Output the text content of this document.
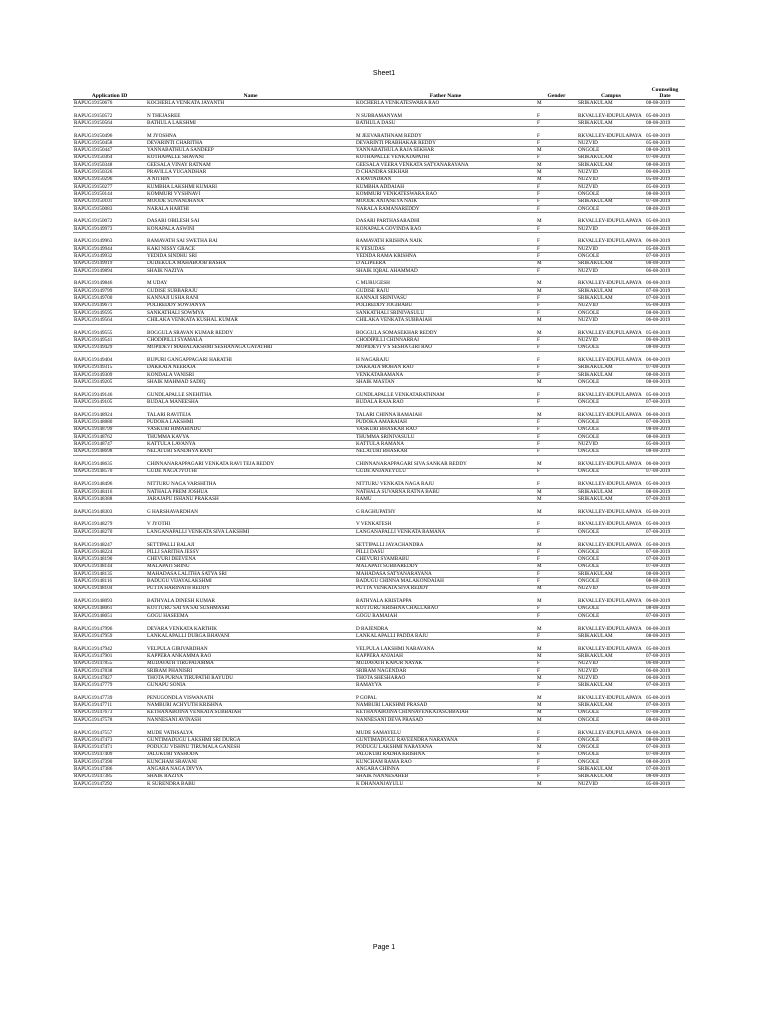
Sheet1
Application ID	Name	Father Name	Gender	Campus	Counseling Date
RAPUG19150676	KOCHERLA VENKATA JAYANTH	KOCHERLA VENKATESWARA RAO	M	SRIKAKULAM	08-08-2019
RAPUG19150572	N THEJASREE	N SUBRAMANYAM	F	RKVALLEY-IDUPULAPAYA	05-08-2019
RAPUG19150564	BATHULA LAKSHMI	BATHULA DASU	F	SRIKAKULAM	08-08-2019
RAPUG19150496	M JYOSHNA	M JEEVARATHNAM REDDY	F	RKVALLEY-IDUPULAPAYA	05-08-2019
RAPUG19150458	DEVARINTI CHARITHA	DEVARINTI PRABHAKAR REDDY	F	NUZVID	05-08-2019
RAPUG19150447	YANNABATHULA SANDEEP	YANNABATHULA RAJA SEKHAR	M	ONGOLE	08-08-2019
RAPUG19150364	KOTHAPALLE SRAVANI	KOTHAPALLE VENKATAPATHI	F	SRIKAKULAM	07-08-2019
RAPUG19150348	GEESALA VINAY RATNAM	GEESALA VEERA VENKATA SATYANARAYANA	M	SRIKAKULAM	08-08-2019
RAPUG19150326	PRAVILLA YUGANDHAR	D CHANDRA SEKHAR	M	NUZVID	06-08-2019
RAPUG19150296	A NITHIN	A RAVINDRAN	M	NUZVID	05-08-2019
RAPUG19150277	KUMBHA LAKSHMI KUMARI	KUMBHA ADDAIAH	F	NUZVID	05-08-2019
RAPUG19150144	KOMMURI VYSHNAVI	KOMMURI VENKATESWARA RAO	F	ONGOLE	08-08-2019
RAPUG19150101	MOODE SUNANDHANA	MOODE ANJANEYA NAIK	F	SRIKAKULAM	07-08-2019
RAPUG19150083	NARALA HARTHI	NARALA RAMANAREDDY	F	ONGOLE	08-08-2019
RAPUG19150072	DASARI OBILESH SAI	DASARI PARTHASARADHI	M	RKVALLEY-IDUPULAPAYA	05-08-2019
RAPUG19149973	KONAPALA ASWINI	KONAPALA GOVINDA RAO	F	NUZVID	06-08-2019
RAPUG19149963	RAMAVATH SAI SWETHA BAI	RAMAVATH KRISHNA NAIK	F	RKVALLEY-IDUPULAPAYA	06-08-2019
RAPUG19149944	KAKI NISSY GRACE	K YESUDAS	F	NUZVID	05-08-2019
RAPUG19149932	YEDIDA SINDHU SRI	YEDIDA RAMA KRISHNA	F	ONGOLE	07-08-2019
RAPUG19149919	DUDEKULA MAHABOOB BASHA	D ALIPEERA	M	SRIKAKULAM	08-08-2019
RAPUG19149894	SHAIK NAZIYA	SHAIK IQBAL AHAMMAD	F	NUZVID	06-08-2019
RAPUG19149846	M UDAY	C MURUGESH	M	RKVALLEY-IDUPULAPAYA	06-08-2019
RAPUG19149799	GUDISE SUBBARAJU	GUDISE RAJU	M	SRIKAKULAM	07-08-2019
RAPUG19149700	KANNAJI USHA RANI	KANNAJI SRINIVASU	F	SRIKAKULAM	07-08-2019
RAPUG19149671	POLIREDDY SOWJANYA	POLIREDDY JOGIBABU	F	NUZVID	05-08-2019
RAPUG19149595	SANKATHALI SOWMYA	SANKATHALI SRINIVASULU	F	ONGOLE	08-08-2019
RAPUG19149564	CHILAKA VENKATA KUSHAL KUMAR	CHILAKA VENKATA SUBBAIAH	M	NUZVID	06-08-2019
RAPUG19149555	BOGGULA SRAVAN KUMAR REDDY	BOGGULA SOMASEKHAR REDDY	M	RKVALLEY-IDUPULAPAYA	05-08-2019
RAPUG19149541	CHODIPILLI SYAMALA	CHODIPILLI CHINNARRAI	F	NUZVID	06-08-2019
RAPUG19149429	MOPIDEVI MAHALAKSHMI SESHANAGA GAYATHRI	MOPIDEVI V S SESHA GIRI RAO	F	ONGOLE	08-08-2019
RAPUG19149404	BUPURI GANGAPPAGARI HARATHI	H NAGARAJU	F	RKVALLEY-IDUPULAPAYA	06-08-2019
RAPUG19149315	DAKKATA NEERAJA	DAKKATA MOHAN RAO	F	SRIKAKULAM	07-08-2019
RAPUG19149309	KONDALA VANISRI	VENKATARAMANA	F	SRIKAKULAM	08-08-2019
RAPUG19149205	SHAIK MAHMAD SADIQ	SHAIK MASTAN	M	ONGOLE	08-08-2019
RAPUG19149146	GUNDLAPALLE SNEHITHA	GUNDLAPALLE VENKATARATHNAM	F	RKVALLEY-IDUPULAPAYA	05-08-2019
RAPUG19149105	BUDALA MANEESHA	BUDALA RAJA RAO	F	ONGOLE	07-08-2019
RAPUG19148924	TALARI RAVITEJA	TALARI CHINNA RAMAIAH	M	RKVALLEY-IDUPULAPAYA	06-08-2019
RAPUG19148880	PUDOKA LAKSHMI	PUDOKA AMARAIAH	F	ONGOLE	07-08-2019
RAPUG19148799	VASKURI HIMABINDU	VASKURI BHASKAR RAO	F	ONGOLE	08-08-2019
RAPUG19148762	THUMMA KAVYA	THUMMA SRINIVASULU	F	ONGOLE	08-08-2019
RAPUG19148747	KATTULA LAVANYA	KATTULA RAMANA	F	NUZVID	05-08-2019
RAPUG19148698	NELATURI SANDHYA RANI	NELATURI BHASKAR	F	ONGOLE	08-08-2019
RAPUG19148635	CHINNANARAPPAGARI VENKATA RAVI TEJA REDDY	CHINNANARAPPAGARI SIVA SANKAR REDDY	M	RKVALLEY-IDUPULAPAYA	06-08-2019
RAPUG19148570	GUDE NAGA JYOTHI	GUDE ANJANEYULU	F	ONGOLE	07-08-2019
RAPUG19148496	NITTURU NAGA VARSHITHA	NITTURU VENKATA NAGA RAJU	F	RKVALLEY-IDUPULAPAYA	05-08-2019
RAPUG19148416	NATHALA PREM JOSHUA	NATHALA SUVARNA RATNA BABU	M	SRIKAKULAM	08-08-2019
RAPUG19148388	JARAJAPU ISHANU PRAKASH	RAMU	M	SRIKAKULAM	07-08-2019
RAPUG19148303	G HARSHAVARDHAN	G RAGHUPATHY	M	RKVALLEY-IDUPULAPAYA	05-08-2019
RAPUG19148279	V JYOTHI	V VENKATESH	F	RKVALLEY-IDUPULAPAYA	05-08-2019
RAPUG19148270	LANGANAPALLI VENKATA SIVA LAKSHMI	LANGANAPALLI VENKATA RAMANA	F	ONGOLE	07-08-2019
RAPUG19148247	SETTIPALLI BALAJI	SETTIPALLI JAYACHANDRA	M	RKVALLEY-IDUPULAPAYA	05-08-2019
RAPUG19148224	PILLI SARITHA JESSY	PILLI DASU	F	ONGOLE	07-08-2019
RAPUG19148190	CHEVURI DEEVENA	CHEVURI SYAMBABU	F	ONGOLE	07-08-2019
RAPUG19148144	MALAPATI SRINU	MALAPATI SUBBAREDDY	M	ONGOLE	07-08-2019
RAPUG19148135	MAHADASA LALITHA SATYA SRI	MAHADASA SATYANARAYANA	F	SRIKAKULAM	08-08-2019
RAPUG19148116	BADUGU VIJAYALAKSHMI	BADUGU CHINNA MALAKONDAIAH	F	ONGOLE	08-08-2019
RAPUG19148104	PUTTA HARINATH REDDY	PUTTA VENKATA SIVA REDDY	M	NUZVID	05-08-2019
RAPUG19148093	BATHYALA DINESH KUMAR	BATHYALA KRISTAPPA	M	RKVALLEY-IDUPULAPAYA	06-08-2019
RAPUG19148061	KOTTURU SATYA SAI SUSHMASRI	KOTTURU KRISHNA CHALLARAO	F	ONGOLE	08-08-2019
RAPUG19148051	GOGU HASEEMA	GOGU RAMAIAH	F	ONGOLE	07-08-2019
RAPUG19147996	DEVARA VENKATA KARTHIK	D RAJENDRA	M	RKVALLEY-IDUPULAPAYA	06-08-2019
RAPUG19147959	LANKALAPALLI DURGA BHAVANI	LANKALAPALLI PADDA RAJU	F	SRIKAKULAM	08-08-2019
RAPUG19147942	VELPULA GIRIVARDHAN	VELPULA LAKSHMI NARAYANA	M	RKVALLEY-IDUPULAPAYA	05-08-2019
RAPUG19147901	KAPPERA ANKAMMA RAO	KAPPERA ANJAIAH	M	SRIKAKULAM	07-08-2019
RAPUG19147855	MUDAVATH TIRUPATAMMA	MUDAVATH KAPUR NAYAK	F	NUZVID	06-08-2019
RAPUG19147838	SRIRAM PHANISRI	SRIRAM NAGENDAR	F	NUZVID	06-08-2019
RAPUG19147827	THOTA PURNA TIRUPATHI RAYUDU	THOTA SHESHARAO	M	NUZVID	06-08-2019
RAPUG19147779	GUNAPU SONIA	RAMAYYA	F	SRIKAKULAM	07-08-2019
RAPUG19147739	PENUGONDLA VISWANATH	P GOPAL	M	RKVALLEY-IDUPULAPAYA	05-08-2019
RAPUG19147711	NAMBURI ACHYUTH KRISHNA	NAMBURI LAKSHMI PRASAD	M	SRIKAKULAM	07-08-2019
RAPUG19147673	KETHANABOINA VENKATA SUBBAIAH	KETHANABOINA CHINNAVENKATASUBBAIAH	M	ONGOLE	07-08-2019
RAPUG19147578	NANNESANI AVINASH	NANNESANI DEVA PRASAD	M	ONGOLE	08-08-2019
RAPUG19147557	MUDE VATHSALYA	MUDE SAMAYELU	F	RKVALLEY-IDUPULAPAYA	06-08-2019
RAPUG19147473	GUNTIMADUGU LAKSHMI SRI DURGA	GUNTIMADUGU RAVEENDRA NARAYANA	F	ONGOLE	08-08-2019
RAPUG19147471	PODUGU VISHNU TIRUMALA GANESH	PODUGU LAKSHMI NARAYANA	M	ONGOLE	07-08-2019
RAPUG19147409	JALUKURI YASHODA	JALUKURI RADHA KRISHNA	F	ONGOLE	07-08-2019
RAPUG19147390	KUNCHAM SRAVANI	KUNCHAM RAMA RAO	F	ONGOLE	08-08-2019
RAPUG19147386	ANGARA NAGA DIVYA	ANGARA CHINNA	F	SRIKAKULAM	07-08-2019
RAPUG19147385	SHAIK RAZIYA	SHAIK NANNESAHEB	F	SRIKAKULAM	08-08-2019
RAPUG19147292	K SURENDRA BABU	K DHANANJAYULU	M	NUZVID	05-08-2019
Page 1
